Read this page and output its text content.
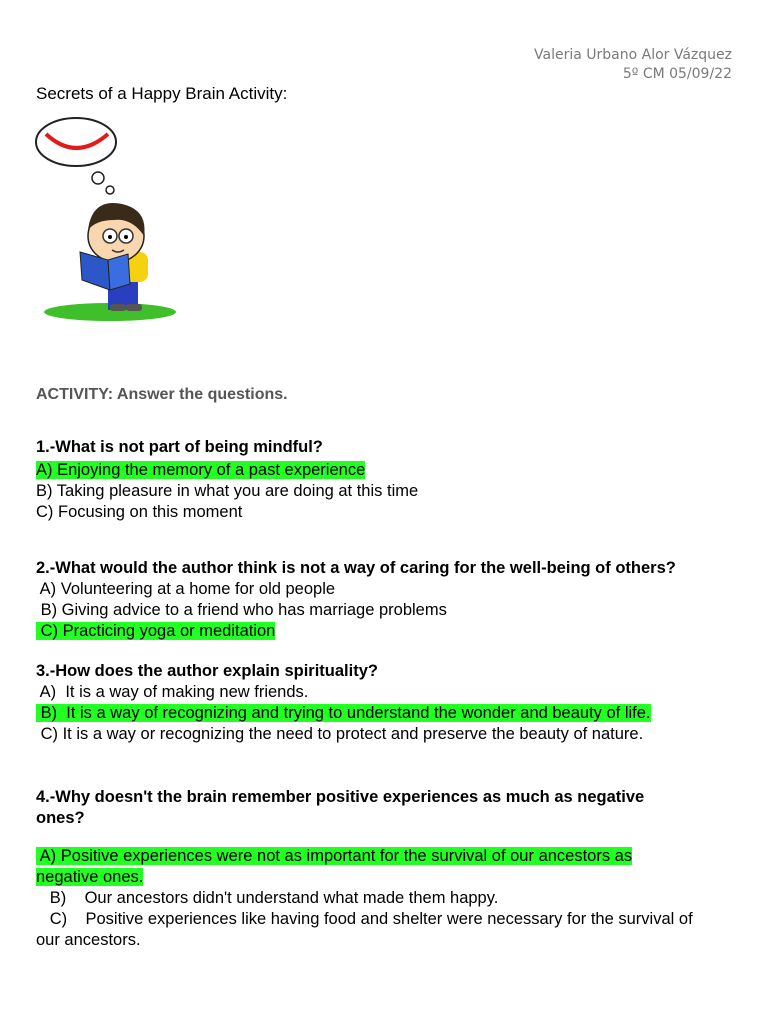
Valeria Urbano Alor Vázquez
5º CM 05/09/22
Secrets of a Happy Brain Activity:
ACTIVITY: Answer the questions.
1.-What is not part of being mindful?
A) Enjoying the memory of a past experience
B) Taking pleasure in what you are doing at this time
C) Focusing on this moment
2.-What would the author think is not a way of caring for the well-being of others?
A) Volunteering at a home for old people
B) Giving advice to a friend who has marriage problems
C) Practicing yoga or meditation
3.-How does the author explain spirituality?
A)  It is a way of making new friends.
B)  It is a way of recognizing and trying to understand the wonder and beauty of life.
C) It is a way or recognizing the need to protect and preserve the beauty of nature.
4.-Why doesn't the brain remember positive experiences as much as negative
ones?
A) Positive experiences were not as important for the survival of our ancestors as
negative ones.
B)    Our ancestors didn't understand what made them happy.
C)    Positive experiences like having food and shelter were necessary for the survival of
our ancestors.
